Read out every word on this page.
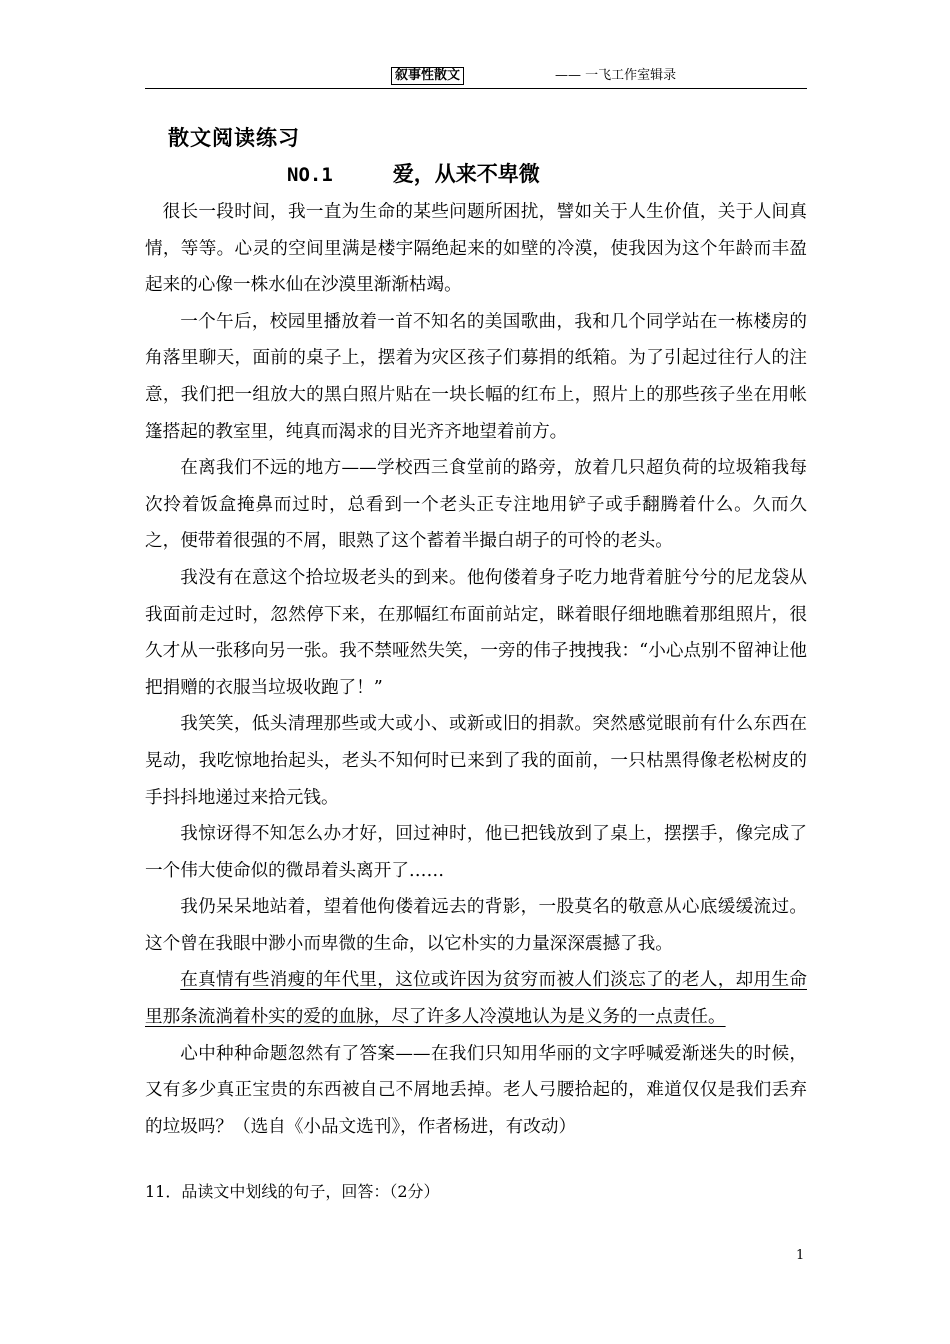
叙事性散文	—— 一飞工作室辑录
散文阅读练习
NO.1	爱，从来不卑微

很长一段时间，我一直为生命的某些问题所困扰，譬如关于人生价值，关于人间真情，等等。心灵的空间里满是楼宇隔绝起来的如壁的冷漠，使我因为这个年龄而丰盈起来的心像一株水仙在沙漠里渐渐枯竭。

一个午后，校园里播放着一首不知名的美国歌曲，我和几个同学站在一栋楼房的角落里聊天，面前的桌子上，摆着为灾区孩子们募捐的纸箱。为了引起过往行人的注意，我们把一组放大的黑白照片贴在一块长幅的红布上，照片上的那些孩子坐在用帐篷搭起的教室里，纯真而渴求的目光齐齐地望着前方。

在离我们不远的地方——学校西三食堂前的路旁，放着几只超负荷的垃圾箱我每次拎着饭盒掩鼻而过时，总看到一个老头正专注地用铲子或手翻腾着什么。久而久之，便带着很强的不屑，眼熟了这个蓄着半撮白胡子的可怜的老头。

我没有在意这个拾垃圾老头的到来。他佝偻着身子吃力地背着脏兮兮的尼龙袋从我面前走过时，忽然停下来，在那幅红布面前站定，眯着眼仔细地瞧着那组照片，很久才从一张移向另一张。我不禁哑然失笑，一旁的伟子拽拽我：“小心点别不留神让他把捐赠的衣服当垃圾收跑了！”

我笑笑，低头清理那些或大或小、或新或旧的捐款。突然感觉眼前有什么东西在晃动，我吃惊地抬起头，老头不知何时已来到了我的面前，一只枯黑得像老松树皮的手抖抖地递过来拾元钱。

我惊讶得不知怎么办才好，回过神时，他已把钱放到了桌上，摆摆手，像完成了一个伟大使命似的微昂着头离开了……

我仍呆呆地站着，望着他佝偻着远去的背影，一股莫名的敬意从心底缓缓流过。这个曾在我眼中渺小而卑微的生命，以它朴实的力量深深震撼了我。

在真情有些消瘦的年代里，这位或许因为贫穷而被人们淡忘了的老人，却用生命里那条流淌着朴实的爱的血脉，尽了许多人冷漠地认为是义务的一点责任。

心中种种命题忽然有了答案——在我们只知用华丽的文字呼喊爱渐迷失的时候，又有多少真正宝贵的东西被自己不屑地丢掉。老人弓腰拾起的，难道仅仅是我们丢弃的垃圾吗？（选自《小品文选刊》，作者杨进，有改动）

11．品读文中划线的句子，回答：（2分）
1
